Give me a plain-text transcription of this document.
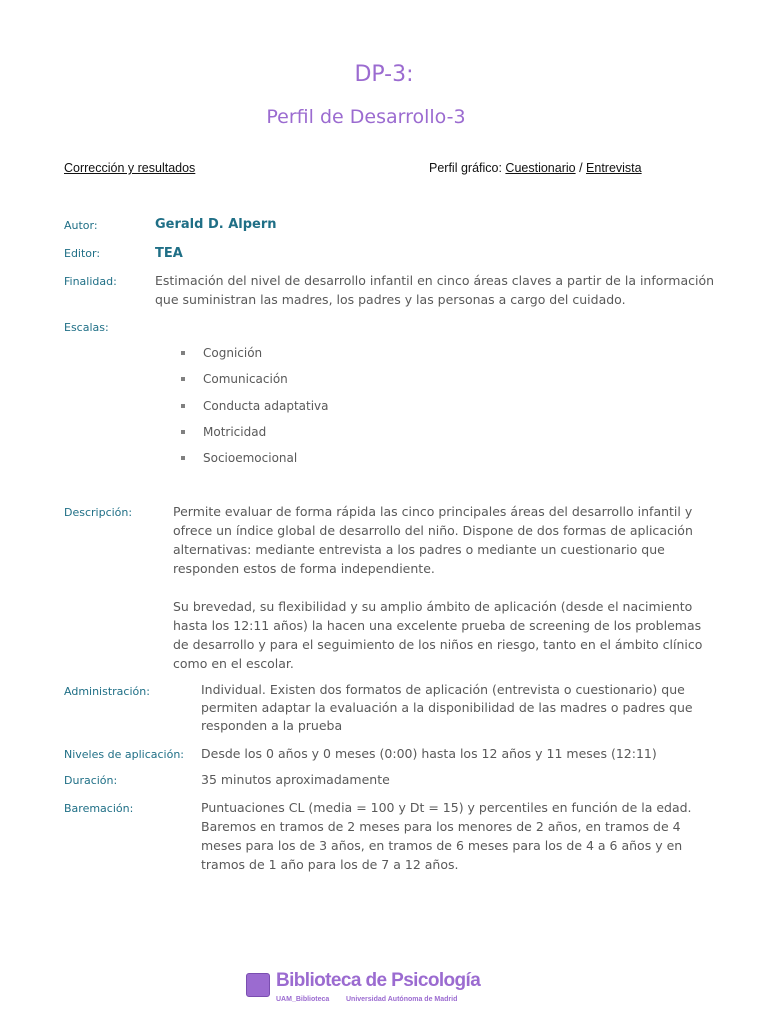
DP-3:
Perfil de Desarrollo-3
Corrección y resultados	Perfil gráfico: Cuestionario / Entrevista
Autor:	Gerald D. Alpern
Editor:	TEA
Finalidad:	Estimación del nivel de desarrollo infantil en cinco áreas claves a partir de la información
que suministran las madres, los padres y las personas a cargo del cuidado.
Escalas:
Cognición
Comunicación
Conducta adaptativa
Motricidad
Socioemocional
Descripción:	Permite evaluar de forma rápida las cinco principales áreas del desarrollo infantil y
ofrece un índice global de desarrollo del niño. Dispone de dos formas de aplicación
alternativas: mediante entrevista a los padres o mediante un cuestionario que
responden estos de forma independiente.
Su brevedad, su flexibilidad y su amplio ámbito de aplicación (desde el nacimiento
hasta los 12:11 años) la hacen una excelente prueba de screening de los problemas
de desarrollo y para el seguimiento de los niños en riesgo, tanto en el ámbito clínico
como en el escolar.
Administración:	Individual. Existen dos formatos de aplicación (entrevista o cuestionario) que
permiten adaptar la evaluación a la disponibilidad de las madres o padres que
responden a la prueba
Niveles de aplicación: Desde los 0 años y 0 meses (0:00) hasta los 12 años y 11 meses (12:11)
Duración:	35 minutos aproximadamente
Baremación:	Puntuaciones CL (media = 100 y Dt = 15) y percentiles en función de la edad.
Baremos en tramos de 2 meses para los menores de 2 años, en tramos de 4
meses para los de 3 años, en tramos de 6 meses para los de 4 a 6 años y en
tramos de 1 año para los de 7 a 12 años.
Biblioteca de Psicología
UAM_Biblioteca Universidad Autónoma de Madrid
